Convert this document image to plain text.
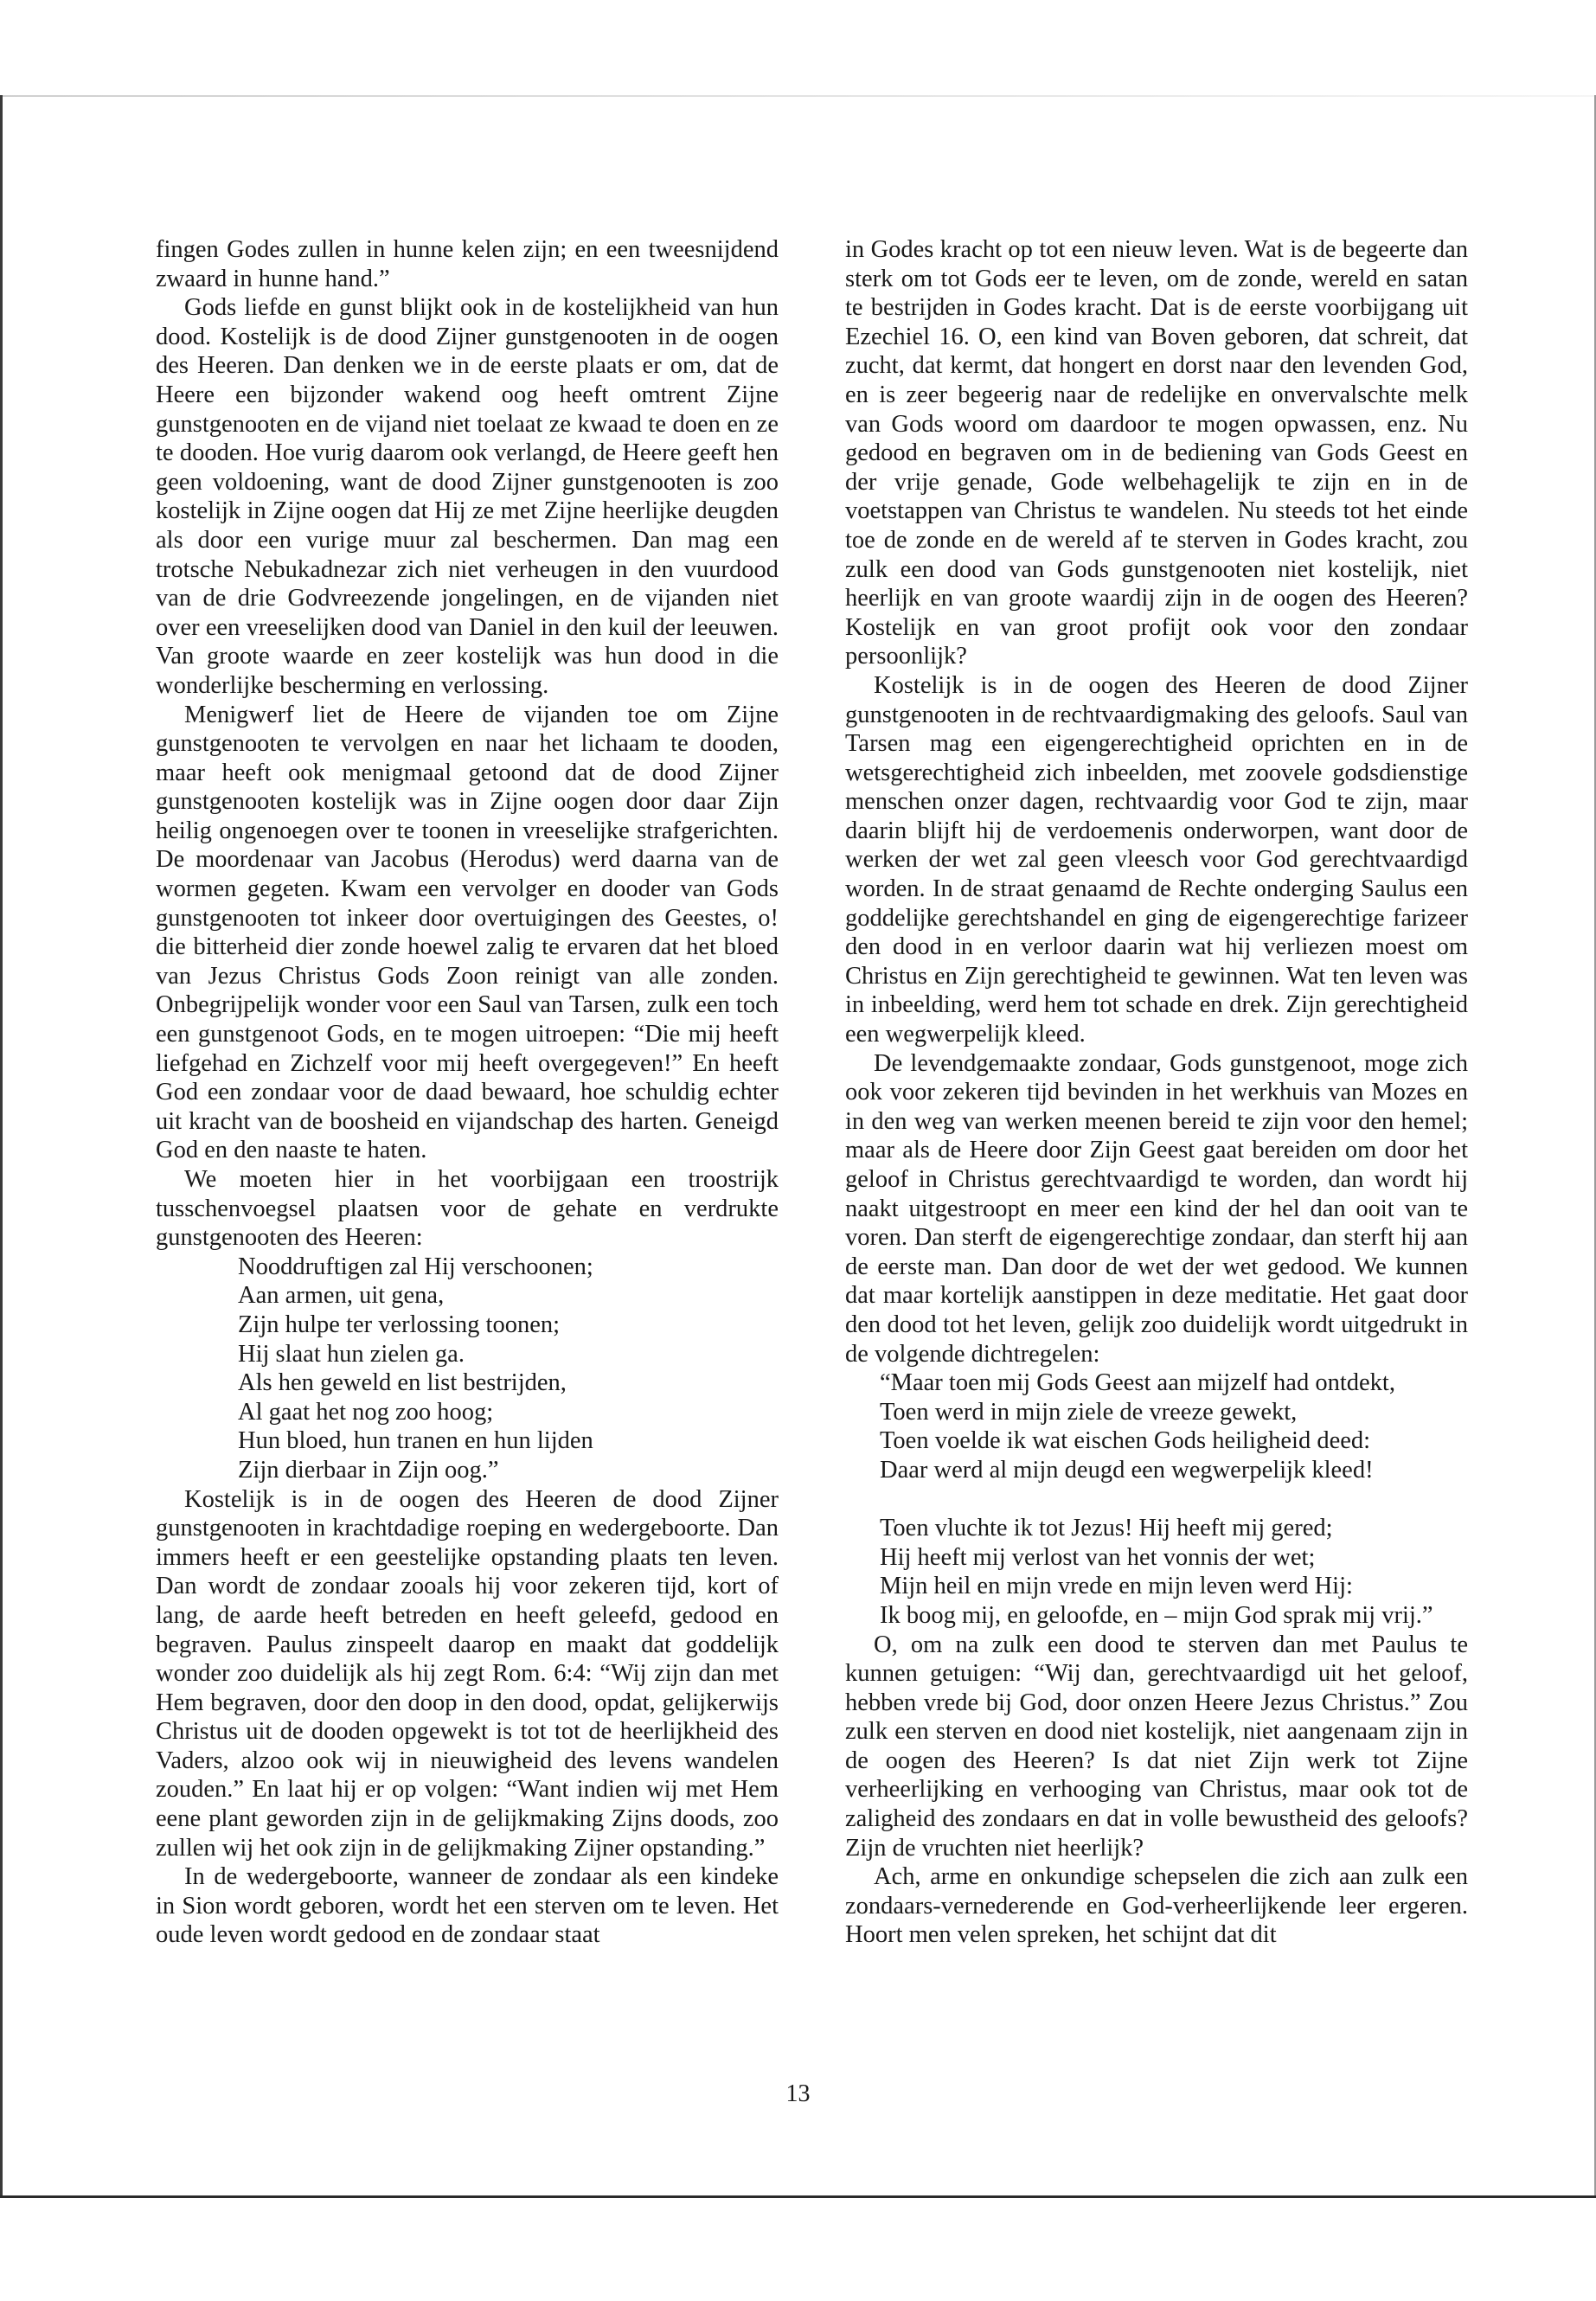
fingen Godes zullen in hunne kelen zijn; en een tweesnijdend zwaard in hunne hand.”

Gods liefde en gunst blijkt ook in de kostelijkheid van hun dood. Kostelijk is de dood Zijner gunstgenooten in de oogen des Heeren. Dan denken we in de eerste plaats er om, dat de Heere een bijzonder wakend oog heeft omtrent Zijne gunstgenooten en de vijand niet toelaat ze kwaad te doen en ze te dooden. Hoe vurig daarom ook verlangd, de Heere geeft hen geen voldoening, want de dood Zijner gunstgenooten is zoo kostelijk in Zijne oogen dat Hij ze met Zijne heerlijke deugden als door een vurige muur zal beschermen. Dan mag een trotsche Nebukadnezar zich niet verheugen in den vuurdood van de drie Godvreezende jongelingen, en de vijanden niet over een vreeselijken dood van Daniel in den kuil der leeuwen. Van groote waarde en zeer kostelijk was hun dood in die wonderlijke bescherming en verlossing.

Menigwerf liet de Heere de vijanden toe om Zijne gunstgenooten te vervolgen en naar het lichaam te dooden, maar heeft ook menigmaal getoond dat de dood Zijner gunstgenooten kostelijk was in Zijne oogen door daar Zijn heilig ongenoegen over te toonen in vreeselijke strafgerichten. De moordenaar van Jacobus (Herodus) werd daarna van de wormen gegeten. Kwam een vervolger en dooder van Gods gunstgenooten tot inkeer door overtuigingen des Geestes, o! die bitterheid dier zonde hoewel zalig te ervaren dat het bloed van Jezus Christus Gods Zoon reinigt van alle zonden. Onbegrijpelijk wonder voor een Saul van Tarsen, zulk een toch een gunstgenoot Gods, en te mogen uitroepen: “Die mij heeft liefgehad en Zichzelf voor mij heeft overgegeven!” En heeft God een zondaar voor de daad bewaard, hoe schuldig echter uit kracht van de boosheid en vijandschap des harten. Geneigd God en den naaste te haten.

We moeten hier in het voorbijgaan een troostrijk tusschenvoegsel plaatsen voor de gehate en verdrukte gunstgenooten des Heeren:

Nooddruftigen zal Hij verschoonen;
Aan armen, uit gena,
Zijn hulpe ter verlossing toonen;
Hij slaat hun zielen ga.
Als hen geweld en list bestrijden,
Al gaat het nog zoo hoog;
Hun bloed, hun tranen en hun lijden
Zijn dierbaar in Zijn oog.”

Kostelijk is in de oogen des Heeren de dood Zijner gunstgenooten in krachtdadige roeping en wedergeboorte. Dan immers heeft er een geestelijke opstanding plaats ten leven. Dan wordt de zondaar zooals hij voor zekeren tijd, kort of lang, de aarde heeft betreden en heeft geleefd, gedood en begraven. Paulus zinspeelt daarop en maakt dat goddelijk wonder zoo duidelijk als hij zegt Rom. 6:4: “Wij zijn dan met Hem begraven, door den doop in den dood, opdat, gelijkerwijs Christus uit de dooden opgewekt is tot tot de heerlijkheid des Vaders, alzoo ook wij in nieuwigheid des levens wandelen zouden.” En laat hij er op volgen: “Want indien wij met Hem eene plant geworden zijn in de gelijkmaking Zijns doods, zoo zullen wij het ook zijn in de gelijkmaking Zijner opstanding.”

In de wedergeboorte, wanneer de zondaar als een kindeke in Sion wordt geboren, wordt het een sterven om te leven. Het oude leven wordt gedood en de zondaar staat

in Godes kracht op tot een nieuw leven. Wat is de begeerte dan sterk om tot Gods eer te leven, om de zonde, wereld en satan te bestrijden in Godes kracht. Dat is de eerste voorbijgang uit Ezechiel 16. O, een kind van Boven geboren, dat schreit, dat zucht, dat kermt, dat hongert en dorst naar den levenden God, en is zeer begeerig naar de redelijke en onvervalschte melk van Gods woord om daardoor te mogen opwassen, enz. Nu gedood en begraven om in de bediening van Gods Geest en der vrije genade, Gode welbehagelijk te zijn en in de voetstappen van Christus te wandelen. Nu steeds tot het einde toe de zonde en de wereld af te sterven in Godes kracht, zou zulk een dood van Gods gunstgenooten niet kostelijk, niet heerlijk en van groote waardij zijn in de oogen des Heeren? Kostelijk en van groot profijt ook voor den zondaar persoonlijk?

Kostelijk is in de oogen des Heeren de dood Zijner gunstgenooten in de rechtvaardigmaking des geloofs. Saul van Tarsen mag een eigengerechtigheid oprichten en in de wetsgerechtigheid zich inbeelden, met zoovele godsdienstige menschen onzer dagen, rechtvaardig voor God te zijn, maar daarin blijft hij de verdoemenis onderworpen, want door de werken der wet zal geen vleesch voor God gerechtvaardigd worden. In de straat genaamd de Rechte onderging Saulus een goddelijke gerechtshandel en ging de eigengerechtige farizeer den dood in en verloor daarin wat hij verliezen moest om Christus en Zijn gerechtigheid te gewinnen. Wat ten leven was in inbeelding, werd hem tot schade en drek. Zijn gerechtigheid een wegwerpelijk kleed.

De levendgemaakte zondaar, Gods gunstgenoot, moge zich ook voor zekeren tijd bevinden in het werkhuis van Mozes en in den weg van werken meenen bereid te zijn voor den hemel; maar als de Heere door Zijn Geest gaat bereiden om door het geloof in Christus gerechtvaardigd te worden, dan wordt hij naakt uitgestroopt en meer een kind der hel dan ooit van te voren. Dan sterft de eigengerechtige zondaar, dan sterft hij aan de eerste man. Dan door de wet der wet gedood. We kunnen dat maar kortelijk aanstippen in deze meditatie. Het gaat door den dood tot het leven, gelijk zoo duidelijk wordt uitgedrukt in de volgende dichtregelen:

“Maar toen mij Gods Geest aan mijzelf had ontdekt,
Toen werd in mijn ziele de vreeze gewekt,
Toen voelde ik wat eischen Gods heiligheid deed:
Daar werd al mijn deugd een wegwerpelijk kleed!
Toen vluchte ik tot Jezus! Hij heeft mij gered;
Hij heeft mij verlost van het vonnis der wet;
Mijn heil en mijn vrede en mijn leven werd Hij:
Ik boog mij, en geloofde, en – mijn God sprak mij vrij.”

O, om na zulk een dood te sterven dan met Paulus te kunnen getuigen: “Wij dan, gerechtvaardigd uit het geloof, hebben vrede bij God, door onzen Heere Jezus Christus.” Zou zulk een sterven en dood niet kostelijk, niet aangenaam zijn in de oogen des Heeren? Is dat niet Zijn werk tot Zijne verheerlijking en verhooging van Christus, maar ook tot de zaligheid des zondaars en dat in volle bewustheid des geloofs? Zijn de vruchten niet heerlijk?

Ach, arme en onkundige schepselen die zich aan zulk een zondaars-vernederende en God-verheerlijkende leer ergeren. Hoort men velen spreken, het schijnt dat dit

13
